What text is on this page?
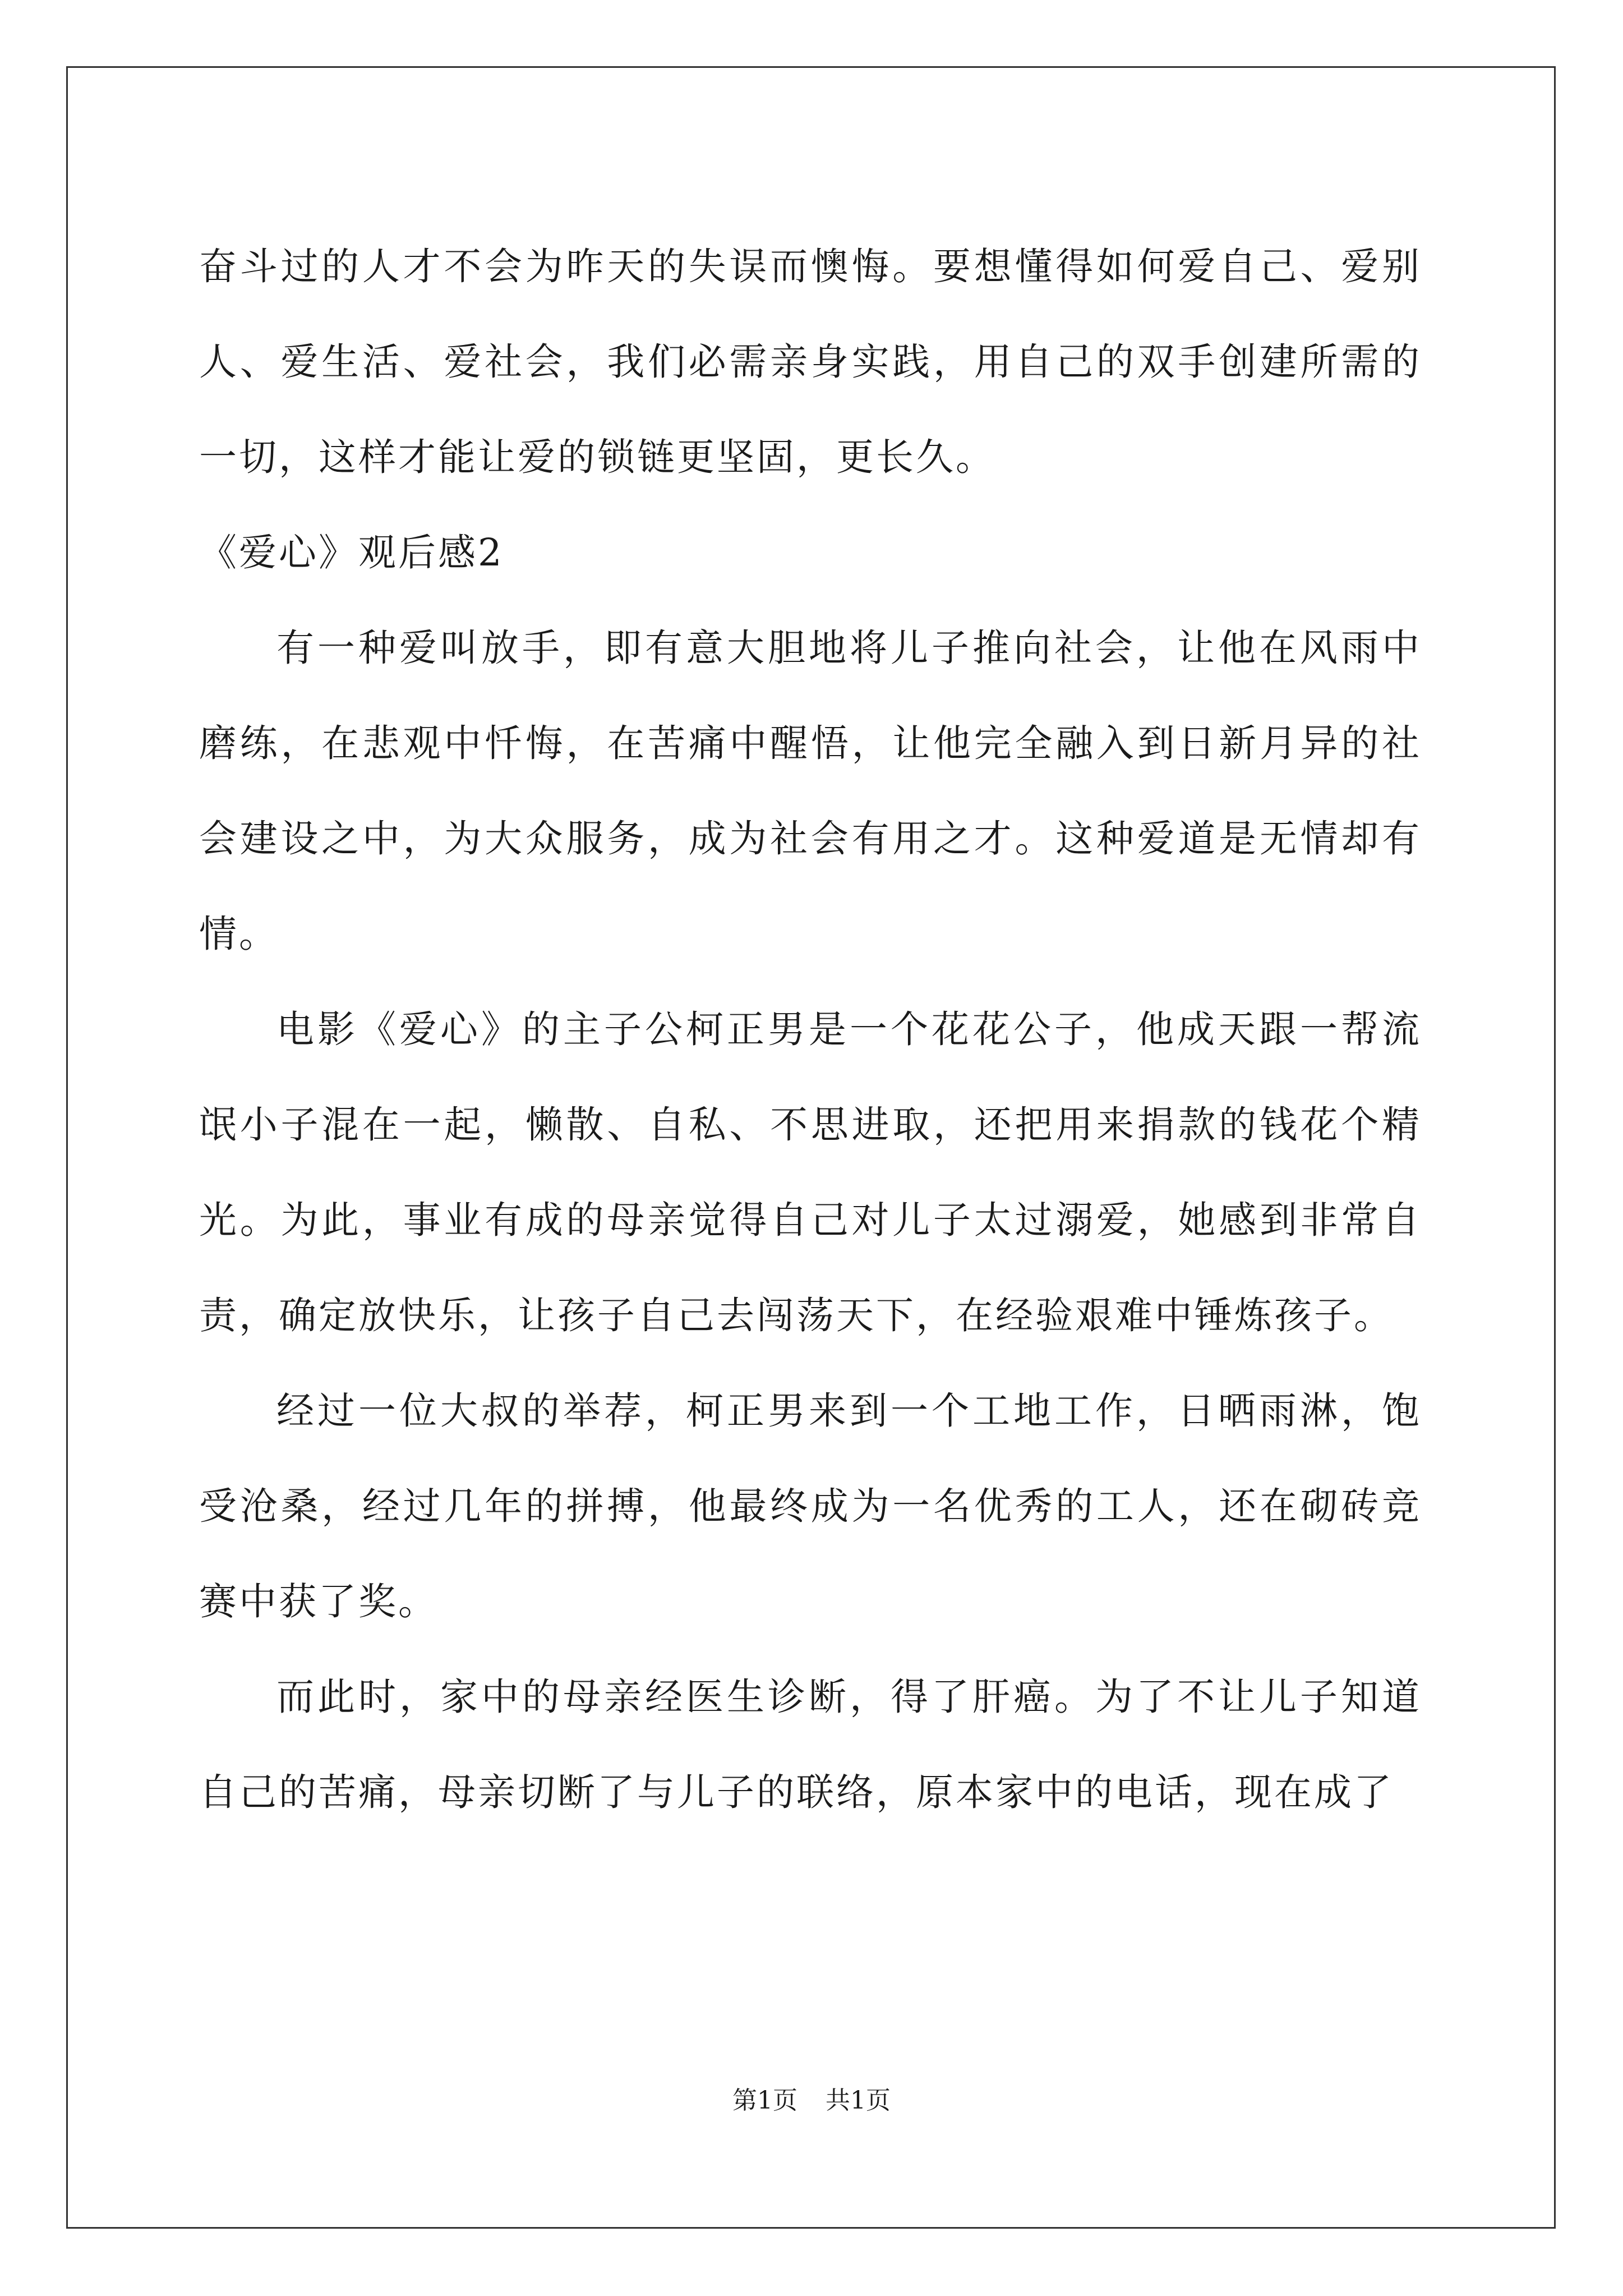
奋斗过的人才不会为昨天的失误而懊悔。要想懂得如何爱自己、爱别人、爱生活、爱社会，我们必需亲身实践，用自己的双手创建所需的一切，这样才能让爱的锁链更坚固，更长久。

《爱心》观后感2

有一种爱叫放手，即有意大胆地将儿子推向社会，让他在风雨中磨练，在悲观中忏悔，在苦痛中醒悟，让他完全融入到日新月异的社会建设之中，为大众服务，成为社会有用之才。这种爱道是无情却有情。

电影《爱心》的主子公柯正男是一个花花公子，他成天跟一帮流氓小子混在一起，懒散、自私、不思进取，还把用来捐款的钱花个精光。为此，事业有成的母亲觉得自己对儿子太过溺爱，她感到非常自责，确定放快乐，让孩子自己去闯荡天下，在经验艰难中锤炼孩子。

经过一位大叔的举荐，柯正男来到一个工地工作，日晒雨淋，饱受沧桑，经过几年的拼搏，他最终成为一名优秀的工人，还在砌砖竞赛中获了奖。

而此时，家中的母亲经医生诊断，得了肝癌。为了不让儿子知道自己的苦痛，母亲切断了与儿子的联络，原本家中的电话，现在成了

第1页 共1页
